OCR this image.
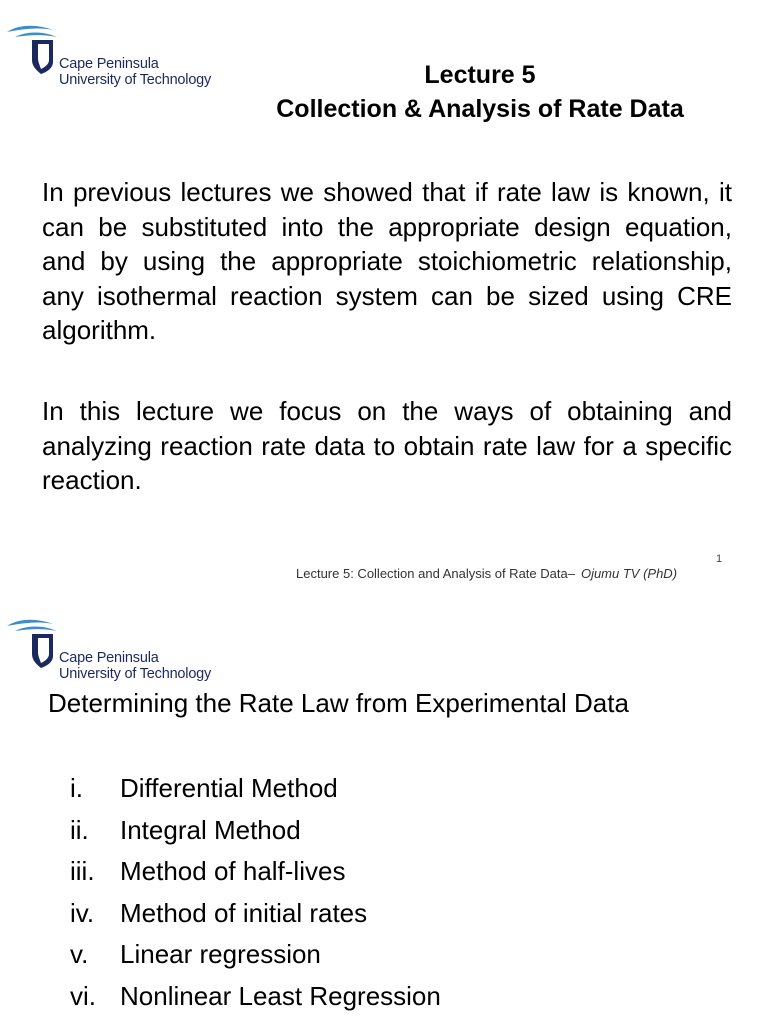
Cape Peninsula
University of Technology	Lecture 5
Collection & Analysis of Rate Data
In previous lectures we showed that if rate law is known, it can be substituted into the appropriate design equation, and by using the appropriate stoichiometric relationship, any isothermal reaction system can be sized using CRE algorithm.
In this lecture we focus on the ways of obtaining and analyzing reaction rate data to obtain rate law for a specific reaction.
1
Lecture 5: Collection and Analysis of Rate Data– Ojumu TV (PhD)
Cape Peninsula
University of Technology
Determining the Rate Law from Experimental Data
i.	Differential Method
ii.	Integral Method
iii. Method of half-lives
iv. Method of initial rates
v.	Linear regression
vi. Nonlinear Least Regression
